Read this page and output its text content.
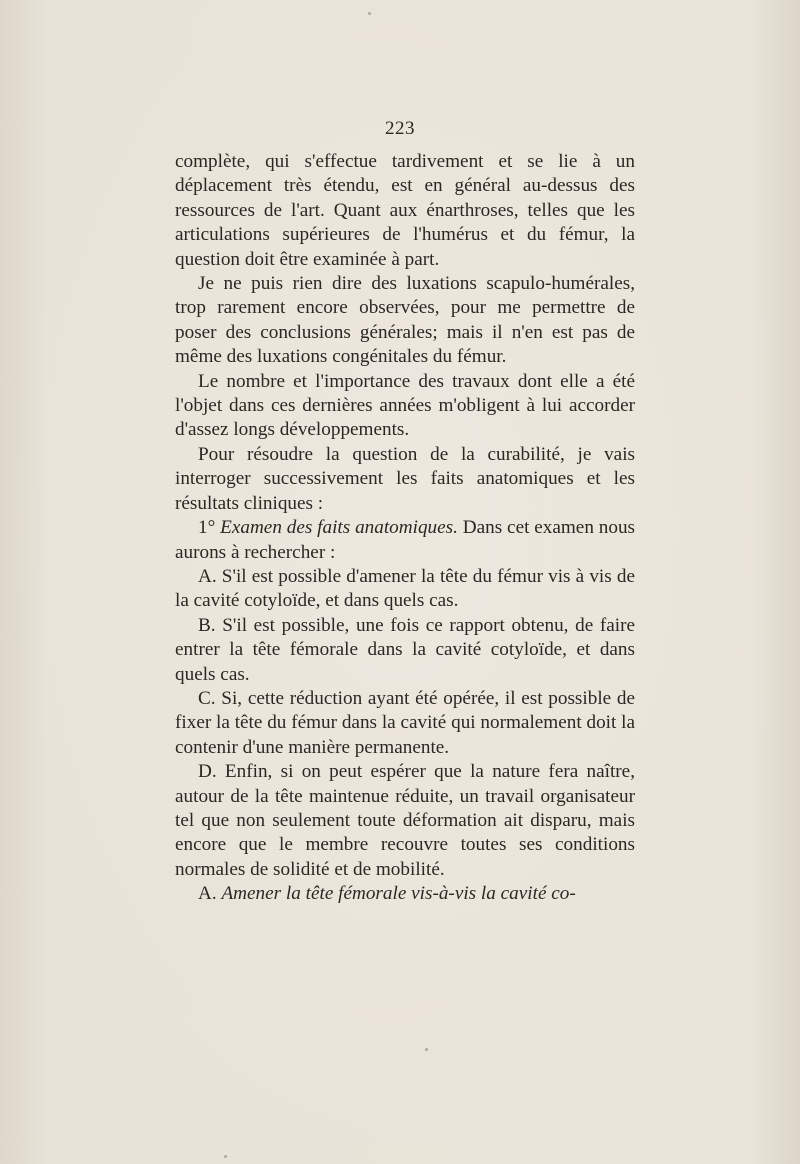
223

complète, qui s'effectue tardivement et se lie à un déplacement très étendu, est en général au-dessus des ressources de l'art. Quant aux énarthroses, telles que les articulations supérieures de l'humérus et du fémur, la question doit être examinée à part.

Je ne puis rien dire des luxations scapulo-humérales, trop rarement encore observées, pour me permettre de poser des conclusions générales; mais il n'en est pas de même des luxations congénitales du fémur.

Le nombre et l'importance des travaux dont elle a été l'objet dans ces dernières années m'obligent à lui accorder d'assez longs développements.

Pour résoudre la question de la curabilité, je vais interroger successivement les faits anatomiques et les résultats cliniques :

1° Examen des faits anatomiques. Dans cet examen nous aurons à rechercher :

A. S'il est possible d'amener la tête du fémur vis à vis de la cavité cotyloïde, et dans quels cas.

B. S'il est possible, une fois ce rapport obtenu, de faire entrer la tête fémorale dans la cavité cotyloïde, et dans quels cas.

C. Si, cette réduction ayant été opérée, il est possible de fixer la tête du fémur dans la cavité qui normalement doit la contenir d'une manière permanente.

D. Enfin, si on peut espérer que la nature fera naître, autour de la tête maintenue réduite, un travail organisateur tel que non seulement toute déformation ait disparu, mais encore que le membre recouvre toutes ses conditions normales de solidité et de mobilité.

A. Amener la tête fémorale vis-à-vis la cavité co-
